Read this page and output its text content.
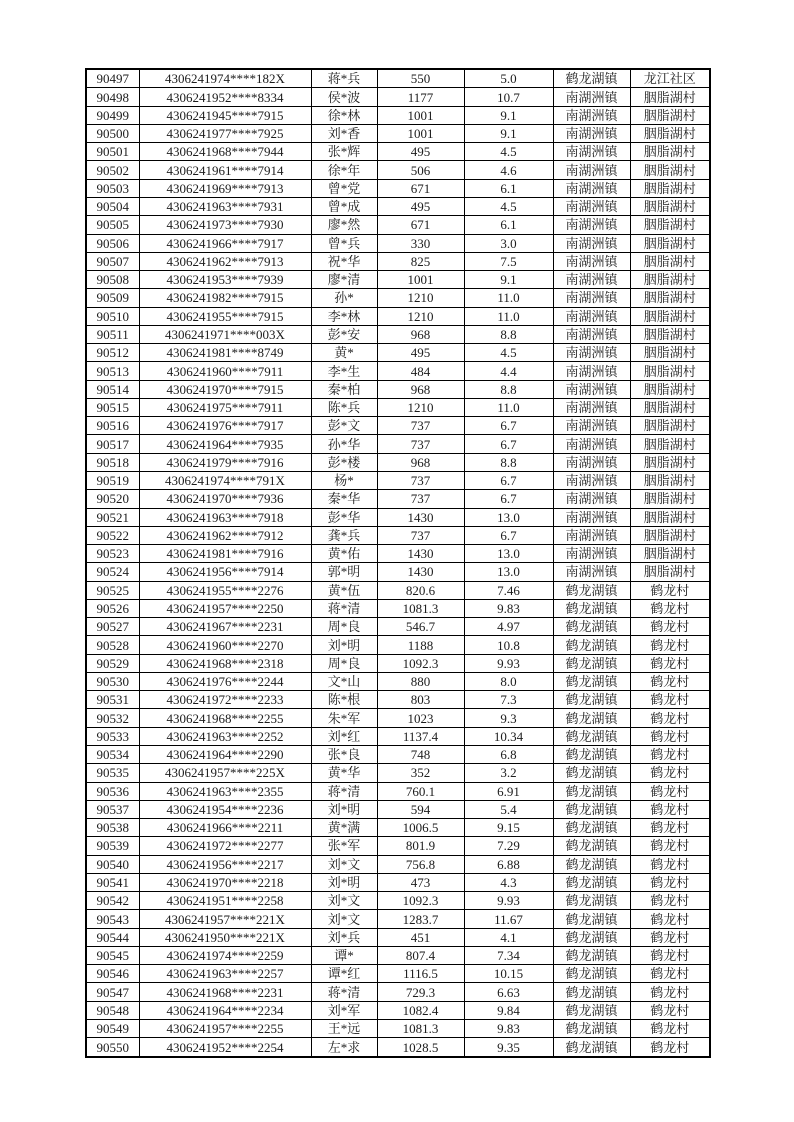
90497	4306241974****182X	蒋*兵	550	5.0	鹤龙湖镇	龙江社区
90498	4306241952****8334	侯*波	1177	10.7	南湖洲镇	胭脂湖村
90499	4306241945****7915	徐*林	1001	9.1	南湖洲镇	胭脂湖村
90500	4306241977****7925	刘*香	1001	9.1	南湖洲镇	胭脂湖村
90501	4306241968****7944	张*辉	495	4.5	南湖洲镇	胭脂湖村
90502	4306241961****7914	徐*年	506	4.6	南湖洲镇	胭脂湖村
90503	4306241969****7913	曾*党	671	6.1	南湖洲镇	胭脂湖村
90504	4306241963****7931	曾*成	495	4.5	南湖洲镇	胭脂湖村
90505	4306241973****7930	廖*然	671	6.1	南湖洲镇	胭脂湖村
90506	4306241966****7917	曾*兵	330	3.0	南湖洲镇	胭脂湖村
90507	4306241962****7913	祝*华	825	7.5	南湖洲镇	胭脂湖村
90508	4306241953****7939	廖*清	1001	9.1	南湖洲镇	胭脂湖村
90509	4306241982****7915	孙*	1210	11.0	南湖洲镇	胭脂湖村
90510	4306241955****7915	李*林	1210	11.0	南湖洲镇	胭脂湖村
90511	4306241971****003X	彭*安	968	8.8	南湖洲镇	胭脂湖村
90512	4306241981****8749	黄*	495	4.5	南湖洲镇	胭脂湖村
90513	4306241960****7911	李*生	484	4.4	南湖洲镇	胭脂湖村
90514	4306241970****7915	秦*柏	968	8.8	南湖洲镇	胭脂湖村
90515	4306241975****7911	陈*兵	1210	11.0	南湖洲镇	胭脂湖村
90516	4306241976****7917	彭*文	737	6.7	南湖洲镇	胭脂湖村
90517	4306241964****7935	孙*华	737	6.7	南湖洲镇	胭脂湖村
90518	4306241979****7916	彭*楼	968	8.8	南湖洲镇	胭脂湖村
90519	4306241974****791X	杨*	737	6.7	南湖洲镇	胭脂湖村
90520	4306241970****7936	秦*华	737	6.7	南湖洲镇	胭脂湖村
90521	4306241963****7918	彭*华	1430	13.0	南湖洲镇	胭脂湖村
90522	4306241962****7912	龚*兵	737	6.7	南湖洲镇	胭脂湖村
90523	4306241981****7916	黄*佑	1430	13.0	南湖洲镇	胭脂湖村
90524	4306241956****7914	郭*明	1430	13.0	南湖洲镇	胭脂湖村
90525	4306241955****2276	黄*伍	820.6	7.46	鹤龙湖镇	鹤龙村
90526	4306241957****2250	蒋*清	1081.3	9.83	鹤龙湖镇	鹤龙村
90527	4306241967****2231	周*良	546.7	4.97	鹤龙湖镇	鹤龙村
90528	4306241960****2270	刘*明	1188	10.8	鹤龙湖镇	鹤龙村
90529	4306241968****2318	周*良	1092.3	9.93	鹤龙湖镇	鹤龙村
90530	4306241976****2244	文*山	880	8.0	鹤龙湖镇	鹤龙村
90531	4306241972****2233	陈*根	803	7.3	鹤龙湖镇	鹤龙村
90532	4306241968****2255	朱*军	1023	9.3	鹤龙湖镇	鹤龙村
90533	4306241963****2252	刘*红	1137.4	10.34	鹤龙湖镇	鹤龙村
90534	4306241964****2290	张*良	748	6.8	鹤龙湖镇	鹤龙村
90535	4306241957****225X	黄*华	352	3.2	鹤龙湖镇	鹤龙村
90536	4306241963****2355	蒋*清	760.1	6.91	鹤龙湖镇	鹤龙村
90537	4306241954****2236	刘*明	594	5.4	鹤龙湖镇	鹤龙村
90538	4306241966****2211	黄*满	1006.5	9.15	鹤龙湖镇	鹤龙村
90539	4306241972****2277	张*军	801.9	7.29	鹤龙湖镇	鹤龙村
90540	4306241956****2217	刘*文	756.8	6.88	鹤龙湖镇	鹤龙村
90541	4306241970****2218	刘*明	473	4.3	鹤龙湖镇	鹤龙村
90542	4306241951****2258	刘*文	1092.3	9.93	鹤龙湖镇	鹤龙村
90543	4306241957****221X	刘*文	1283.7	11.67	鹤龙湖镇	鹤龙村
90544	4306241950****221X	刘*兵	451	4.1	鹤龙湖镇	鹤龙村
90545	4306241974****2259	谭*	807.4	7.34	鹤龙湖镇	鹤龙村
90546	4306241963****2257	谭*红	1116.5	10.15	鹤龙湖镇	鹤龙村
90547	4306241968****2231	蒋*清	729.3	6.63	鹤龙湖镇	鹤龙村
90548	4306241964****2234	刘*军	1082.4	9.84	鹤龙湖镇	鹤龙村
90549	4306241957****2255	王*远	1081.3	9.83	鹤龙湖镇	鹤龙村
90550	4306241952****2254	左*求	1028.5	9.35	鹤龙湖镇	鹤龙村
